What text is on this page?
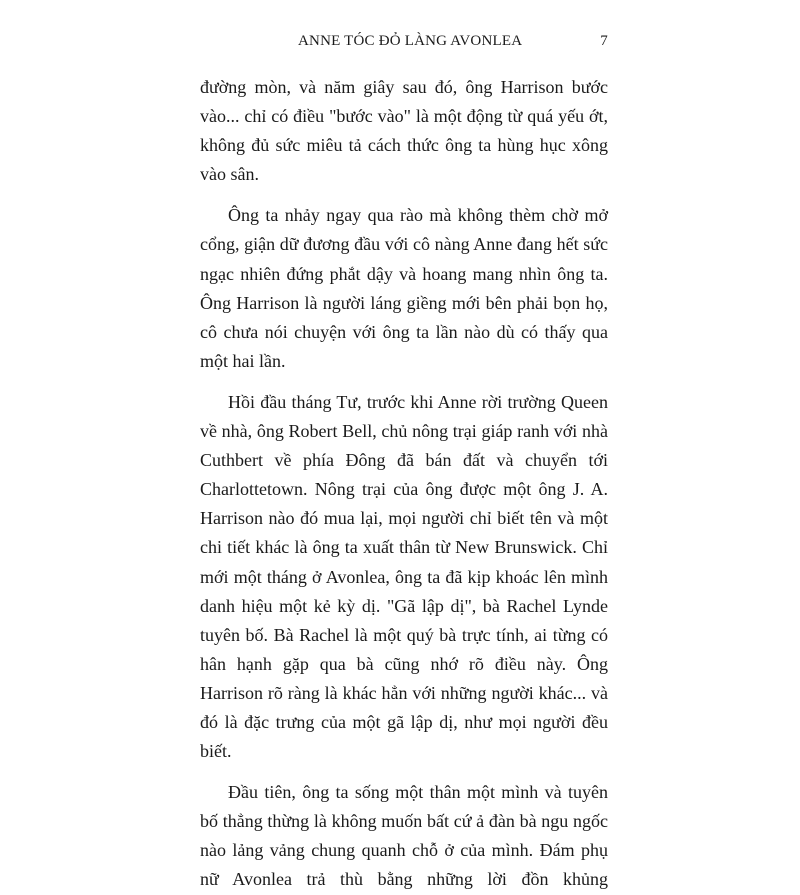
ANNE TÓC ĐỎ LÀNG AVONLEA	7

đường mòn, và năm giây sau đó, ông Harrison bước vào... chỉ có điều "bước vào" là một động từ quá yếu ớt, không đủ sức miêu tả cách thức ông ta hùng hục xông vào sân.

Ông ta nhảy ngay qua rào mà không thèm chờ mở cổng, giận dữ đương đầu với cô nàng Anne đang hết sức ngạc nhiên đứng phắt dậy và hoang mang nhìn ông ta. Ông Harrison là người láng giềng mới bên phải bọn họ, cô chưa nói chuyện với ông ta lần nào dù có thấy qua một hai lần.

Hồi đầu tháng Tư, trước khi Anne rời trường Queen về nhà, ông Robert Bell, chủ nông trại giáp ranh với nhà Cuthbert về phía Đông đã bán đất và chuyển tới Charlottetown. Nông trại của ông được một ông J. A. Harrison nào đó mua lại, mọi người chỉ biết tên và một chi tiết khác là ông ta xuất thân từ New Brunswick. Chỉ mới một tháng ở Avonlea, ông ta đã kịp khoác lên mình danh hiệu một kẻ kỳ dị. "Gã lập dị", bà Rachel Lynde tuyên bố. Bà Rachel là một quý bà trực tính, ai từng có hân hạnh gặp qua bà cũng nhớ rõ điều này. Ông Harrison rõ ràng là khác hẳn với những người khác... và đó là đặc trưng của một gã lập dị, như mọi người đều biết.

Đầu tiên, ông ta sống một thân một mình và tuyên bố thẳng thừng là không muốn bất cứ ả đàn bà ngu ngốc nào lảng vảng chung quanh chỗ ở của mình. Đám phụ nữ Avonlea trả thù bằng những lời đồn khủng
